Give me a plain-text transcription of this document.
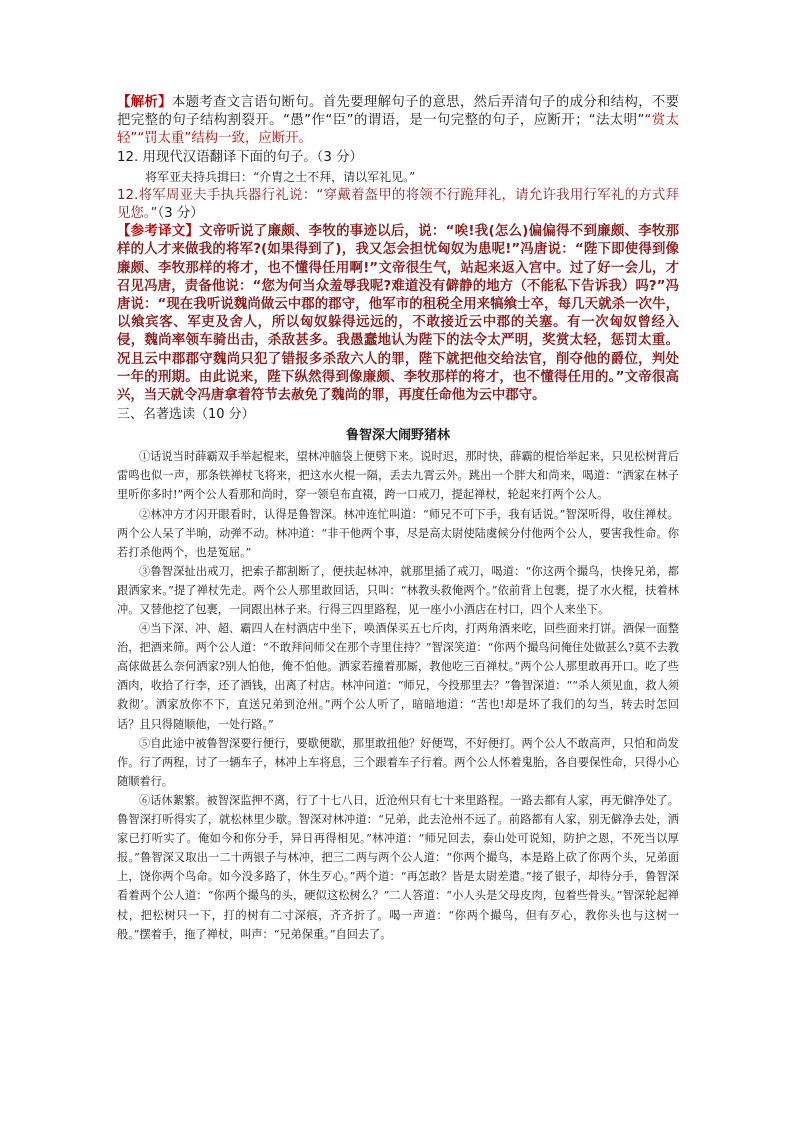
【解析】本题考查文言语句断句。首先要理解句子的意思，然后弄清句子的成分和结构，不要把完整的句子结构割裂开。“愚”作“臣”的谓语，是一句完整的句子，应断开；“法太明”“赏太轻”“罚太重”结构一致，应断开。

12. 用现代汉语翻译下面的句子。（3 分）

将军亚夫持兵揖曰：“介胄之士不拜，请以军礼见。”

12.将军周亚夫手执兵器行礼说：“穿戴着盔甲的将领不行跪拜礼，请允许我用行军礼的方式拜见您。”（3 分）

【参考译文】文帝听说了廉颇、李牧的事迹以后，说：“唉!我(怎么)偏偏得不到廉颇、李牧那样的人才来做我的将军?(如果得到了)，我又怎会担忧匈奴为患呢!”冯唐说：“陛下即使得到像廉颇、李牧那样的将才，也不懂得任用啊!”文帝很生气，站起来返入宫中。过了好一会儿，才召见冯唐，责备他说：“您为何当众羞辱我呢?难道没有僻静的地方（不能私下告诉我）吗?”冯唐说：“现在我听说魏尚做云中郡的郡守，他军市的租税全用来犒飨士卒，每几天就杀一次牛，以飨宾客、军吏及舍人，所以匈奴躲得远远的，不敢接近云中郡的关塞。有一次匈奴曾经入侵，魏尚率领车骑出击，杀敌甚多。我愚蠢地认为陛下的法令太严明，奖赏太轻，惩罚太重。况且云中郡郡守魏尚只犯了错报多杀敌六人的罪，陛下就把他交给法官，削夺他的爵位，判处一年的刑期。由此说来，陛下纵然得到像廉颇、李牧那样的将才，也不懂得任用的。”文帝很高兴，当天就令冯唐拿着符节去赦免了魏尚的罪，再度任命他为云中郡守。

三、名著选读（10 分）

鲁智深大闹野猪林

①话说当时薛霸双手举起棍来，望林冲脑袋上便劈下来。说时迟，那时快，薛霸的棍恰举起来，只见松树背后雷鸣也似一声，那条铁禅杖飞将来，把这水火棍一隔，丢去九霄云外。跳出一个胖大和尚来，喝道：“洒家在林子里听你多时!”两个公人看那和尚时，穿一领皂布直裰，跨一口戒刀，提起禅杖，轮起来打两个公人。

②林冲方才闪开眼看时，认得是鲁智深。林冲连忙叫道：“师兄不可下手，我有话说。”智深听得，收住禅杖。两个公人呆了半晌，动弹不动。林冲道：“非干他两个事，尽是高太尉使陆虞候分付他两个公人，要害我性命。你若打杀他两个，也是冤屈。”

③鲁智深扯出戒刀，把索子都割断了，便扶起林冲，就那里插了戒刀，喝道：“你这两个撮鸟，快搀兄弟，都跟洒家来。”提了禅杖先走。两个公人那里敢回话，只叫：“林教头救俺两个。”依前背上包裹，提了水火棍，扶着林冲。又替他挖了包裹，一同跟出林子来。行得三四里路程，见一座小小酒店在村口，四个人来坐下。

④当下深、冲、超、霸四人在村酒店中坐下，唤酒保买五七斤肉，打两角酒来吃，回些面来打饼。酒保一面整治，把酒来筛。两个公人道：“不敢拜问师父在那个寺里住持？”智深笑道：“你两个撮鸟问俺住处做甚么?莫不去教高俅做甚么奈何洒家?别人怕他，俺不怕他。洒家若撞着那厮，教他吃三百禅杖。”两个公人那里敢再开口。吃了些酒肉，收拾了行李，还了酒钱，出离了村店。林冲问道：“师兄，今投那里去？”鲁智深道：““杀人须见血，救人须救彻’。洒家放你不下，直送兄弟到沧州。”两个公人听了，暗暗地道：“苦也!却是坏了我们的勾当，转去时怎回话？且只得随顺他，一处行路。”

⑤自此途中被鲁智深要行便行，要歇便歇，那里敢扭他？好便骂，不好便打。两个公人不敢高声，只怕和尚发作。行了两程，讨了一辆车子，林冲上车将息，三个跟着车子行着。两个公人怀着鬼胎，各自要保性命，只得小心随顺着行。

⑥话休絮繁。被智深监押不离，行了十七八日，近沧州只有七十来里路程。一路去都有人家，再无僻净处了。鲁智深打听得实了，就松林里少歇。智深对林冲道：“兄弟，此去沧州不远了。前路都有人家，别无僻净去处，洒家已打听实了。俺如今和你分手，异日再得相见。”林冲道：“师兄回去，泰山处可说知，防护之恩，不死当以厚报。”鲁智深又取出一二十两银子与林冲，把三二两与两个公人道：“你两个撮鸟，本是路上砍了你两个头，兄弟面上，饶你两个鸟命。如今没多路了，休生歹心。”两个道：“再怎敢？皆是太尉差遣。”接了银子，却待分手，鲁智深看着两个公人道：“你两个撮鸟的头，硬似这松树么？”二人答道：“小人头是父母皮肉，包着些骨头。”智深轮起禅杖，把松树只一下，打的树有二寸深痕，齐齐折了。喝一声道：“你两个撮鸟，但有歹心，教你头也与这树一般。”摆着手，拖了禅杖，叫声：“兄弟保重。”自回去了。
